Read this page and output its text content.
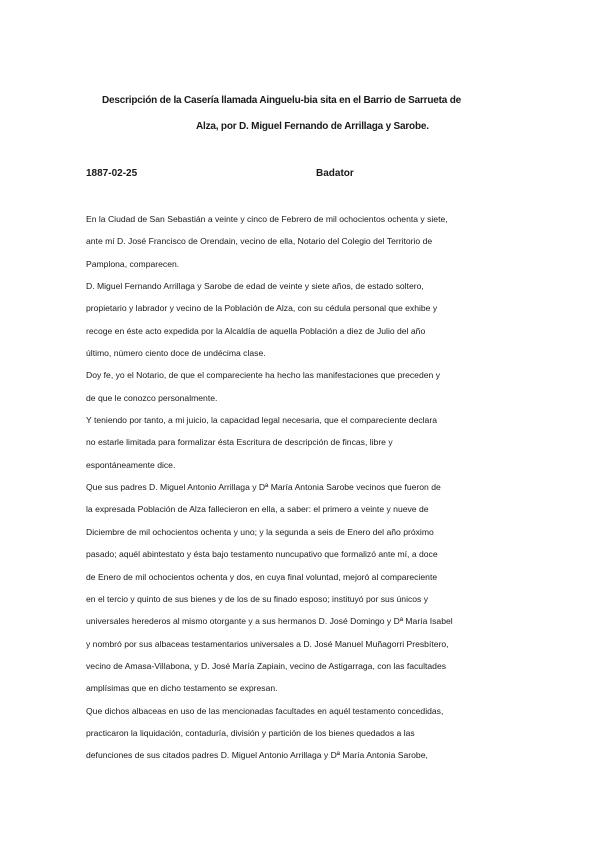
Descripción de la Casería llamada Ainguelu-bia sita en el Barrio de Sarrueta de
Alza, por D. Miguel Fernando de Arrillaga y Sarobe.
1887-02-25	Badator
En la Ciudad de San Sebastián a veinte y cinco de Febrero de mil ochocientos ochenta y siete,
ante mí D. José Francisco de Orendain, vecino de ella, Notario del Colegio del Territorio de
Pamplona, comparecen.
D. Miguel Fernando Arrillaga y Sarobe de edad de veinte y siete años, de estado soltero,
propietario y labrador y vecino de la Población de Alza, con su cédula personal que exhibe y
recoge en éste acto expedida por la Alcaldía de aquella Población a diez de Julio del año
último, número ciento doce de undécima clase.
Doy fe, yo el Notario, de que el compareciente ha hecho las manifestaciones que preceden y
de que le conozco personalmente.
Y teniendo por tanto, a mi juicio, la capacidad legal necesaria, que el compareciente declara
no estarle limitada para formalizar ésta Escritura de descripción de fincas, libre y
espontáneamente dice.
Que sus padres D. Miguel Antonio Arrillaga y Dª María Antonia Sarobe vecinos que fueron de
la expresada Población de Alza fallecieron en ella, a saber: el primero a veinte y nueve de
Diciembre de mil ochocientos ochenta y uno; y la segunda a seis de Enero del año próximo
pasado; aquél abintestato y ésta bajo testamento nuncupativo que formalizó ante mí, a doce
de Enero de mil ochocientos ochenta y dos, en cuya final voluntad, mejoró al compareciente
en el tercio y quinto de sus bienes y de los de su finado esposo; instituyó por sus únicos y
universales herederos al mismo otorgante y a sus hermanos D. José Domingo y Dª María Isabel
y nombró por sus albaceas testamentarios universales a D. José Manuel Muñagorri Presbítero,
vecino de Amasa-Villabona, y D. José María Zapiain, vecino de Astigarraga, con las facultades
amplísimas que en dicho testamento se expresan.
Que dichos albaceas en uso de las mencionadas facultades en aquél testamento concedidas,
practicaron la liquidación, contaduría, división y partición de los bienes quedados a las
defunciones de sus citados padres D. Miguel Antonio Arrillaga y Dª María Antonia Sarobe,
